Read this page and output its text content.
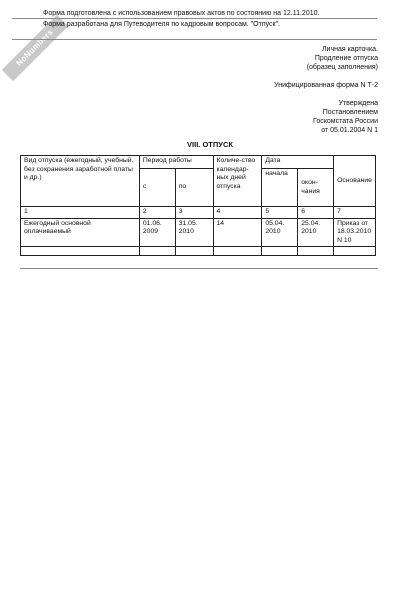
NoNumbers
Форма подготовлена с использованием правовых актов по состоянию на 12.11.2010.
Форма разработана для Путеводителя по кадровым вопросам. "Отпуск".
Личная карточка.
Продление отпуска
(образец заполнения)
Унифицированная форма N Т-2
Утверждена
Постановлением
Госкомстата России
от 05.01.2004 N 1
VIII. ОТПУСК
Вид отпуска (ежегодный, учебный, без сохранения заработной платы и др.)	Период работы		Количе-ство календар-ных дней отпуска	Дата		Основание
	с	по		начала	окон-чания	
1	2	3	4	5	6	7
Ежегодный основной оплачиваемый	01.06. 2009	31.05. 2010	14	05.04. 2010	25.04. 2010	Приказ от 18.03.2010 N 10
